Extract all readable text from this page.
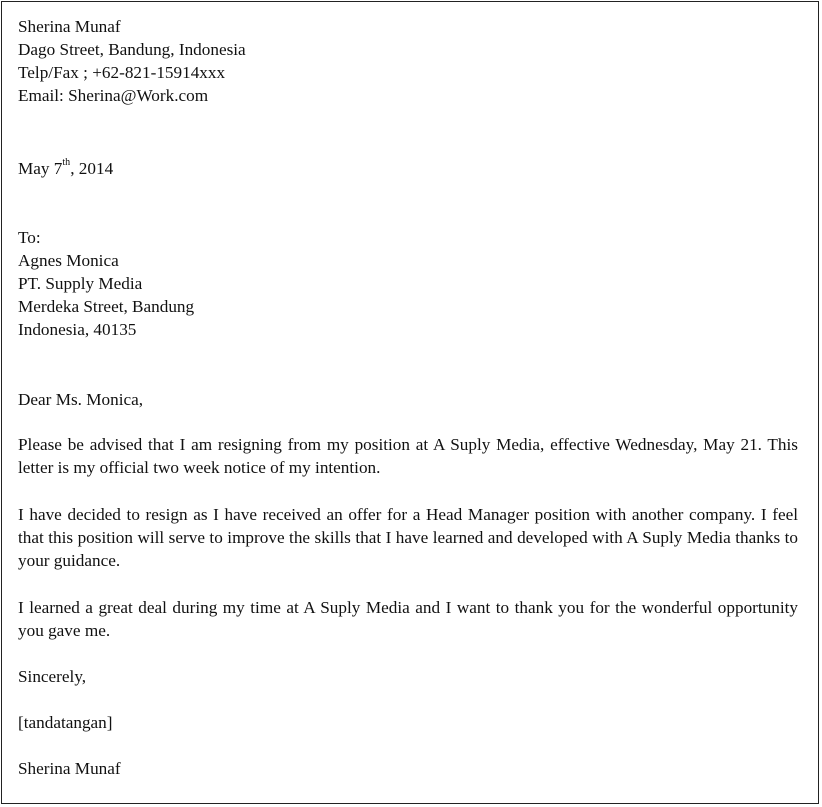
Sherina Munaf
Dago Street, Bandung, Indonesia
Telp/Fax ; +62-821-15914xxx
Email: Sherina@Work.com
May 7th, 2014
To:
Agnes Monica
PT. Supply Media
Merdeka Street, Bandung
Indonesia, 40135
Dear Ms. Monica,
Please be advised that I am resigning from my position at A Suply Media, effective Wednesday, May 21. This letter is my official two week notice of my intention.
I have decided to resign as I have received an offer for a Head Manager position with another company. I feel that this position will serve to improve the skills that I have learned and developed with A Suply Media thanks to your guidance.
I learned a great deal during my time at A Suply Media and I want to thank you for the wonderful opportunity you gave me.
Sincerely,
[tandatangan]
Sherina Munaf
